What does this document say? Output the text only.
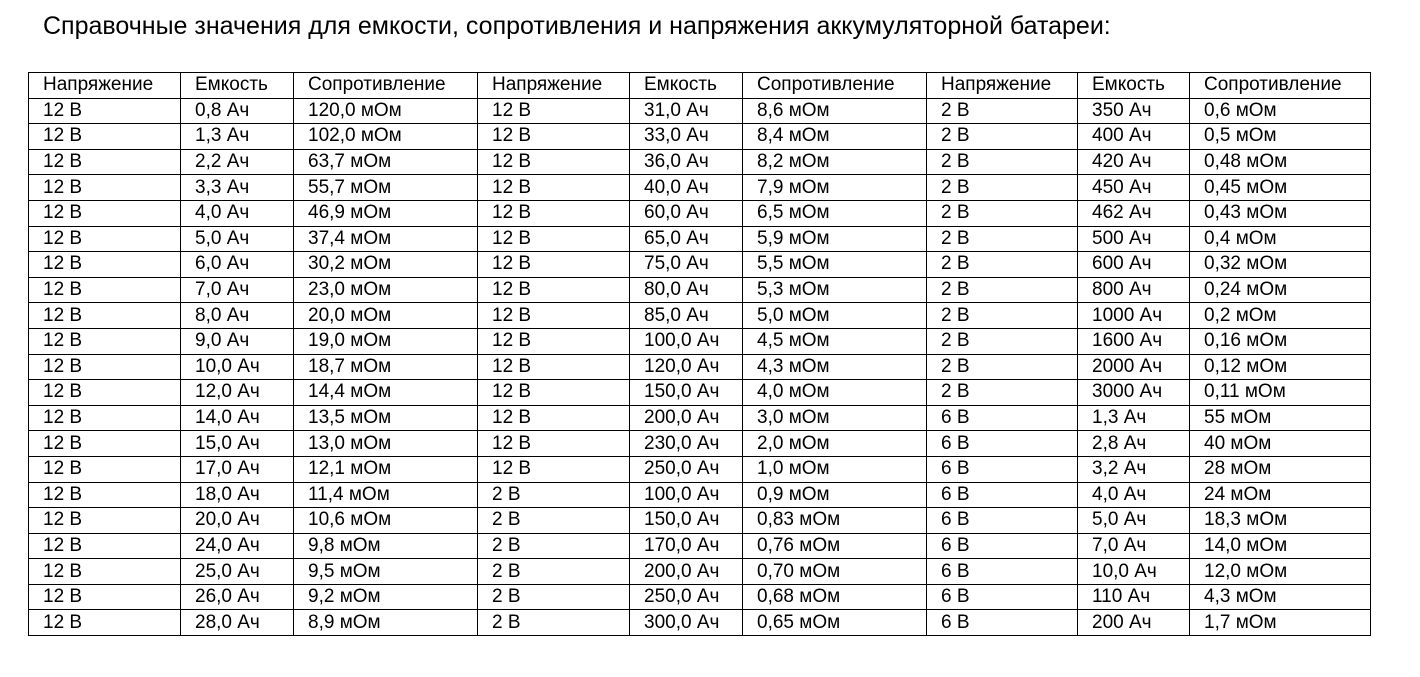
Справочные значения для емкости, сопротивления и напряжения аккумуляторной батареи:
Напряжение	Емкость	Сопротивление	Напряжение	Емкость	Сопротивление	Напряжение	Емкость	Сопротивление
12 В	0,8 Ач	120,0 мОм	12 В	31,0 Ач	8,6 мОм	2 В	350 Ач	0,6 мОм
12 В	1,3 Ач	102,0 мОм	12 В	33,0 Ач	8,4 мОм	2 В	400 Ач	0,5 мОм
12 В	2,2 Ач	63,7 мОм	12 В	36,0 Ач	8,2 мОм	2 В	420 Ач	0,48 мОм
12 В	3,3 Ач	55,7 мОм	12 В	40,0 Ач	7,9 мОм	2 В	450 Ач	0,45 мОм
12 В	4,0 Ач	46,9 мОм	12 В	60,0 Ач	6,5 мОм	2 В	462 Ач	0,43 мОм
12 В	5,0 Ач	37,4 мОм	12 В	65,0 Ач	5,9 мОм	2 В	500 Ач	0,4 мОм
12 В	6,0 Ач	30,2 мОм	12 В	75,0 Ач	5,5 мОм	2 В	600 Ач	0,32 мОм
12 В	7,0 Ач	23,0 мОм	12 В	80,0 Ач	5,3 мОм	2 В	800 Ач	0,24 мОм
12 В	8,0 Ач	20,0 мОм	12 В	85,0 Ач	5,0 мОм	2 В	1000 Ач	0,2 мОм
12 В	9,0 Ач	19,0 мОм	12 В	100,0 Ач	4,5 мОм	2 В	1600 Ач	0,16 мОм
12 В	10,0 Ач	18,7 мОм	12 В	120,0 Ач	4,3 мОм	2 В	2000 Ач	0,12 мОм
12 В	12,0 Ач	14,4 мОм	12 В	150,0 Ач	4,0 мОм	2 В	3000 Ач	0,11 мОм
12 В	14,0 Ач	13,5 мОм	12 В	200,0 Ач	3,0 мОм	6 В	1,3 Ач	55 мОм
12 В	15,0 Ач	13,0 мОм	12 В	230,0 Ач	2,0 мОм	6 В	2,8 Ач	40 мОм
12 В	17,0 Ач	12,1 мОм	12 В	250,0 Ач	1,0 мОм	6 В	3,2 Ач	28 мОм
12 В	18,0 Ач	11,4 мОм	2 В	100,0 Ач	0,9 мОм	6 В	4,0 Ач	24 мОм
12 В	20,0 Ач	10,6 мОм	2 В	150,0 Ач	0,83 мОм	6 В	5,0 Ач	18,3 мОм
12 В	24,0 Ач	9,8 мОм	2 В	170,0 Ач	0,76 мОм	6 В	7,0 Ач	14,0 мОм
12 В	25,0 Ач	9,5 мОм	2 В	200,0 Ач	0,70 мОм	6 В	10,0 Ач	12,0 мОм
12 В	26,0 Ач	9,2 мОм	2 В	250,0 Ач	0,68 мОм	6 В	110 Ач	4,3 мОм
12 В	28,0 Ач	8,9 мОм	2 В	300,0 Ач	0,65 мОм	6 В	200 Ач	1,7 мОм
